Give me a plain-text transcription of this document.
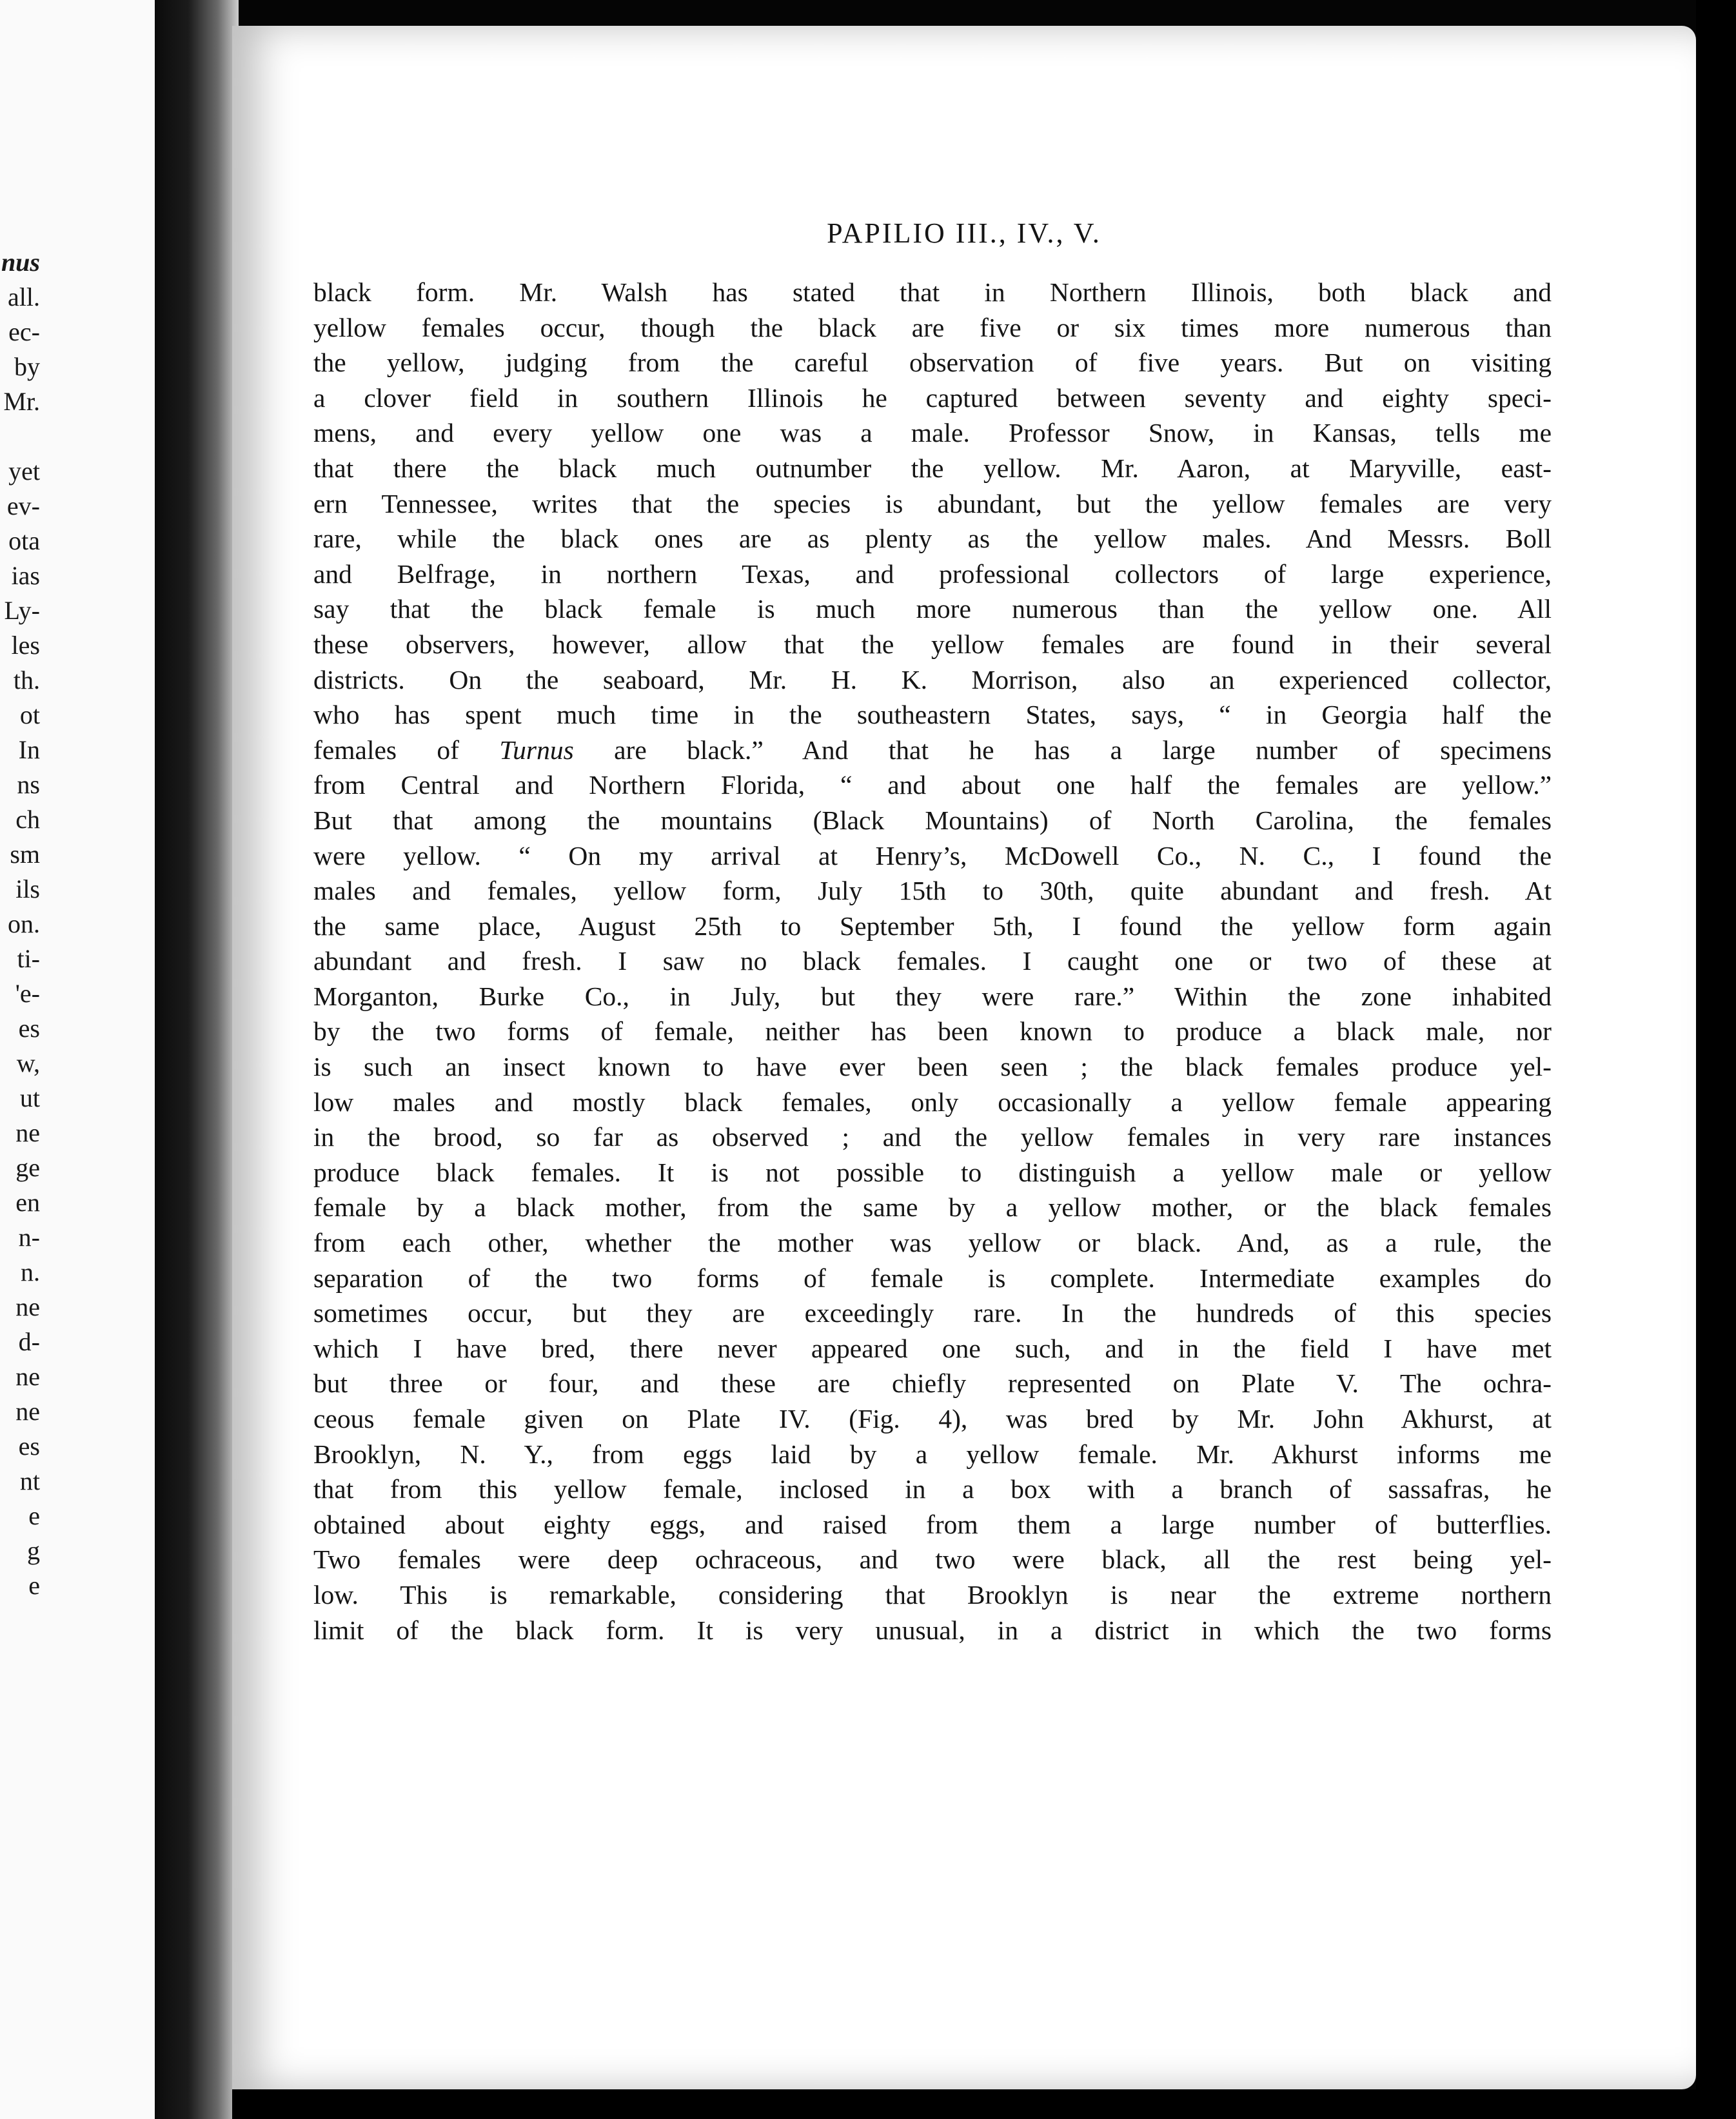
nus
all.
ec-
by
Mr.
yet
ev-
ota
ias
Ly-
les
th.
ot
In
ns
ch
sm
ils
on.
ti-
'e-
es
w,
ut
ne
ge
en
n-
n.
ne
d-
ne
ne
es
nt
e
g
e
PAPILIO III., IV., V.
black form. Mr. Walsh has stated that in Northern Illinois, both black and
yellow females occur, though the black are five or six times more numerous than
the yellow, judging from the careful observation of five years. But on visiting
a clover field in southern Illinois he captured between seventy and eighty speci-
mens, and every yellow one was a male. Professor Snow, in Kansas, tells me
that there the black much outnumber the yellow. Mr. Aaron, at Maryville, east-
ern Tennessee, writes that the species is abundant, but the yellow females are very
rare, while the black ones are as plenty as the yellow males. And Messrs. Boll
and Belfrage, in northern Texas, and professional collectors of large experience,
say that the black female is much more numerous than the yellow one. All
these observers, however, allow that the yellow females are found in their several
districts. On the seaboard, Mr. H. K. Morrison, also an experienced collector,
who has spent much time in the southeastern States, says, “ in Georgia half the
females of Turnus are black.” And that he has a large number of specimens
from Central and Northern Florida, “ and about one half the females are yellow.”
But that among the mountains (Black Mountains) of North Carolina, the females
were yellow. “ On my arrival at Henry’s, McDowell Co., N. C., I found the
males and females, yellow form, July 15th to 30th, quite abundant and fresh. At
the same place, August 25th to September 5th, I found the yellow form again
abundant and fresh. I saw no black females. I caught one or two of these at
Morganton, Burke Co., in July, but they were rare.” Within the zone inhabited
by the two forms of female, neither has been known to produce a black male, nor
is such an insect known to have ever been seen ; the black females produce yel-
low males and mostly black females, only occasionally a yellow female appearing
in the brood, so far as observed ; and the yellow females in very rare instances
produce black females. It is not possible to distinguish a yellow male or yellow
female by a black mother, from the same by a yellow mother, or the black females
from each other, whether the mother was yellow or black. And, as a rule, the
separation of the two forms of female is complete. Intermediate examples do
sometimes occur, but they are exceedingly rare. In the hundreds of this species
which I have bred, there never appeared one such, and in the field I have met
but three or four, and these are chiefly represented on Plate V. The ochra-
ceous female given on Plate IV. (Fig. 4), was bred by Mr. John Akhurst, at
Brooklyn, N. Y., from eggs laid by a yellow female. Mr. Akhurst informs me
that from this yellow female, inclosed in a box with a branch of sassafras, he
obtained about eighty eggs, and raised from them a large number of butterflies.
Two females were deep ochraceous, and two were black, all the rest being yel-
low. This is remarkable, considering that Brooklyn is near the extreme northern
limit of the black form. It is very unusual, in a district in which the two forms
